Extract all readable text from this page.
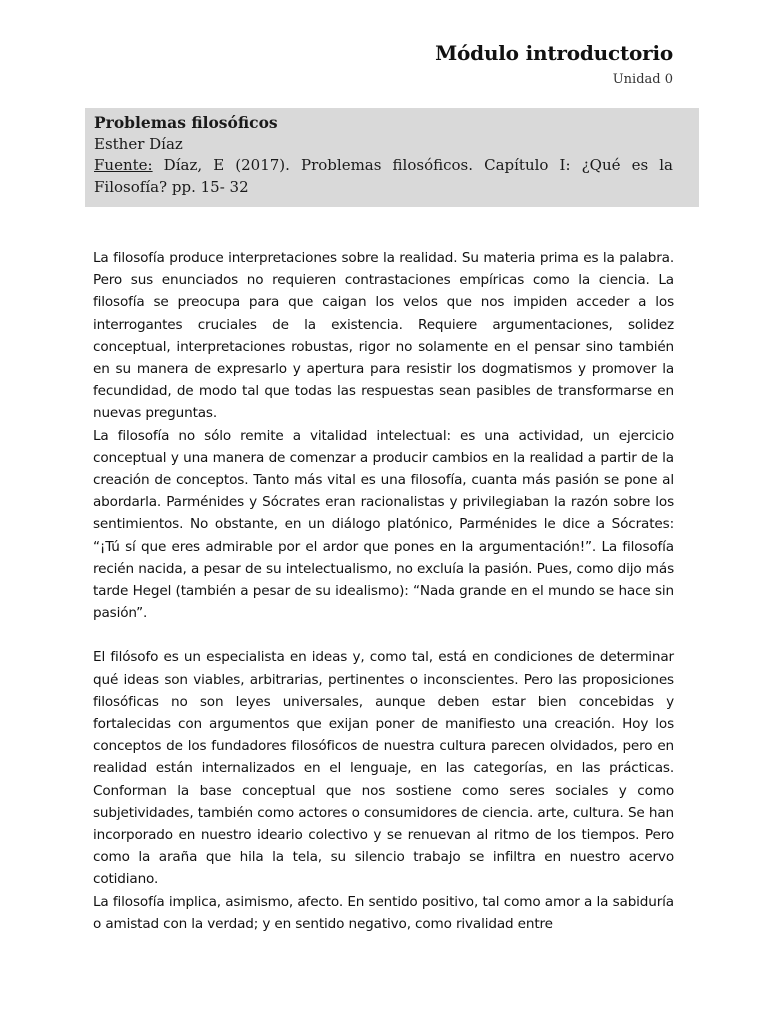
Módulo introductorio
Unidad 0
Problemas filosóficos
Esther Díaz
Fuente: Díaz, E (2017). Problemas filosóficos. Capítulo I: ¿Qué es la Filosofía? pp. 15- 32

La filosofía produce interpretaciones sobre la realidad. Su materia prima es la palabra. Pero sus enunciados no requieren contrastaciones empíricas como la ciencia. La filosofía se preocupa para que caigan los velos que nos impiden acceder a los interrogantes cruciales de la existencia. Requiere argumentaciones, solidez conceptual, interpretaciones robustas, rigor no solamente en el pensar sino también en su manera de expresarlo y apertura para resistir los dogmatismos y promover la fecundidad, de modo tal que todas las respuestas sean pasibles de transformarse en nuevas preguntas.

La filosofía no sólo remite a vitalidad intelectual: es una actividad, un ejercicio conceptual y una manera de comenzar a producir cambios en la realidad a partir de la creación de conceptos. Tanto más vital es una filosofía, cuanta más pasión se pone al abordarla. Parménides y Sócrates eran racionalistas y privilegiaban la razón sobre los sentimientos. No obstante, en un diálogo platónico, Parménides le dice a Sócrates: “¡Tú sí que eres admirable por el ardor que pones en la argumentación!”. La filosofía recién nacida, a pesar de su intelectualismo, no excluía la pasión. Pues, como dijo más tarde Hegel (también a pesar de su idealismo): “Nada grande en el mundo se hace sin pasión”.

El filósofo es un especialista en ideas y, como tal, está en condiciones de determinar qué ideas son viables, arbitrarias, pertinentes o inconscientes. Pero las proposiciones filosóficas no son leyes universales, aunque deben estar bien concebidas y fortalecidas con argumentos que exijan poner de manifiesto una creación. Hoy los conceptos de los fundadores filosóficos de nuestra cultura parecen olvidados, pero en realidad están internalizados en el lenguaje, en las categorías, en las prácticas. Conforman la base conceptual que nos sostiene como seres sociales y como subjetividades, también como actores o consumidores de ciencia. arte, cultura. Se han incorporado en nuestro ideario colectivo y se renuevan al ritmo de los tiempos. Pero como la araña que hila la tela, su silencio trabajo se infiltra en nuestro acervo cotidiano.

La filosofía implica, asimismo, afecto. En sentido positivo, tal como amor a la sabiduría o amistad con la verdad; y en sentido negativo, como rivalidad entre
